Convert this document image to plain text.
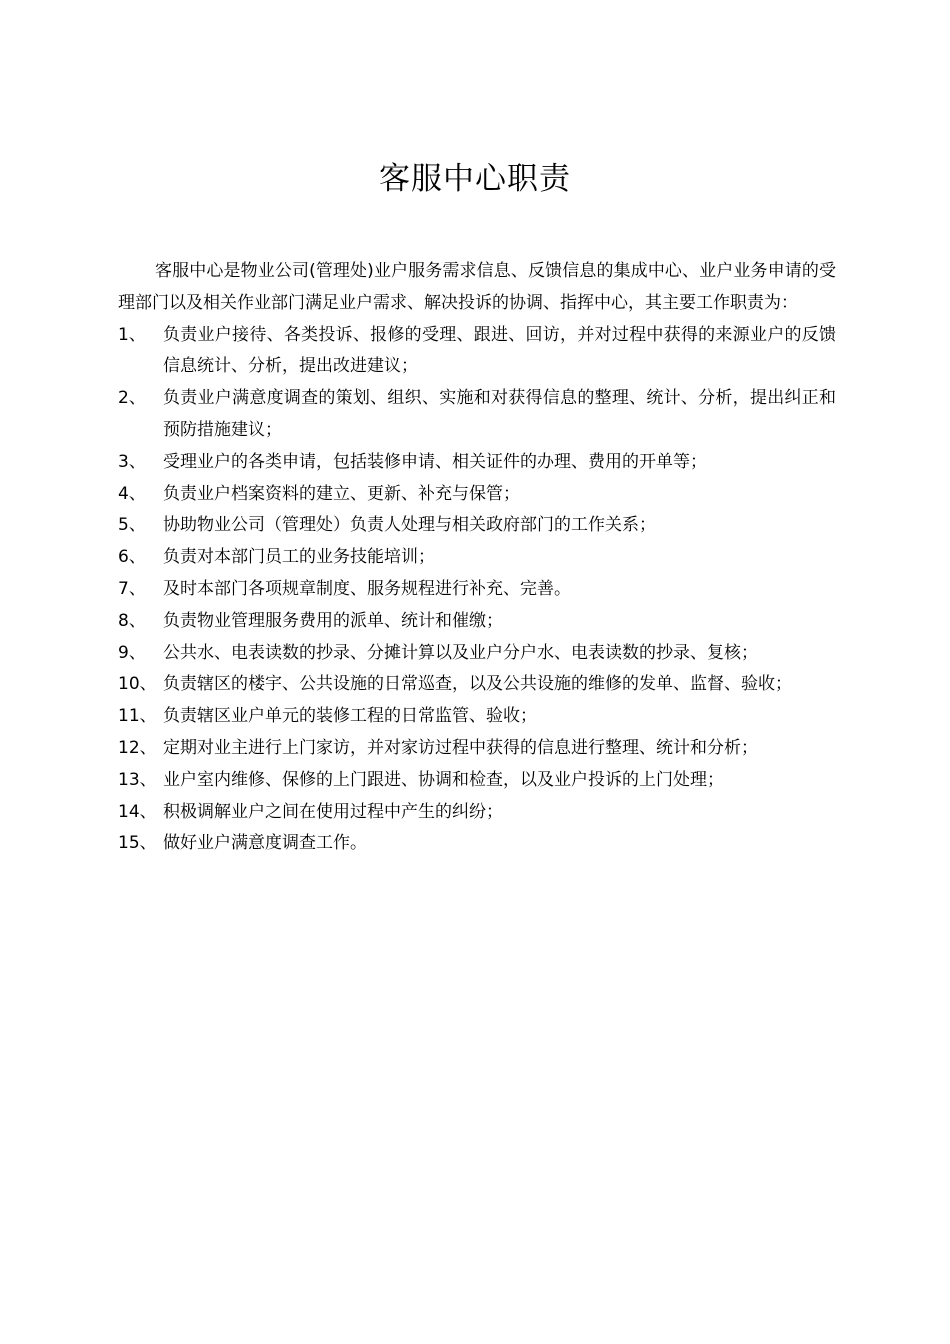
客服中心职责

客服中心是物业公司(管理处)业户服务需求信息、反馈信息的集成中心、业户业务申请的受理部门以及相关作业部门满足业户需求、解决投诉的协调、指挥中心，其主要工作职责为：

1、 负责业户接待、各类投诉、报修的受理、跟进、回访，并对过程中获得的来源业户的反馈信息统计、分析，提出改进建议；
2、 负责业户满意度调查的策划、组织、实施和对获得信息的整理、统计、分析，提出纠正和预防措施建议；
3、 受理业户的各类申请，包括装修申请、相关证件的办理、费用的开单等；
4、 负责业户档案资料的建立、更新、补充与保管；
5、 协助物业公司（管理处）负责人处理与相关政府部门的工作关系；
6、 负责对本部门员工的业务技能培训；
7、 及时本部门各项规章制度、服务规程进行补充、完善。
8、 负责物业管理服务费用的派单、统计和催缴；
9、 公共水、电表读数的抄录、分摊计算以及业户分户水、电表读数的抄录、复核；
10、 负责辖区的楼宇、公共设施的日常巡查，以及公共设施的维修的发单、监督、验收；
11、 负责辖区业户单元的装修工程的日常监管、验收；
12、 定期对业主进行上门家访，并对家访过程中获得的信息进行整理、统计和分析；
13、 业户室内维修、保修的上门跟进、协调和检查，以及业户投诉的上门处理；
14、 积极调解业户之间在使用过程中产生的纠纷；
15、 做好业户满意度调查工作。
